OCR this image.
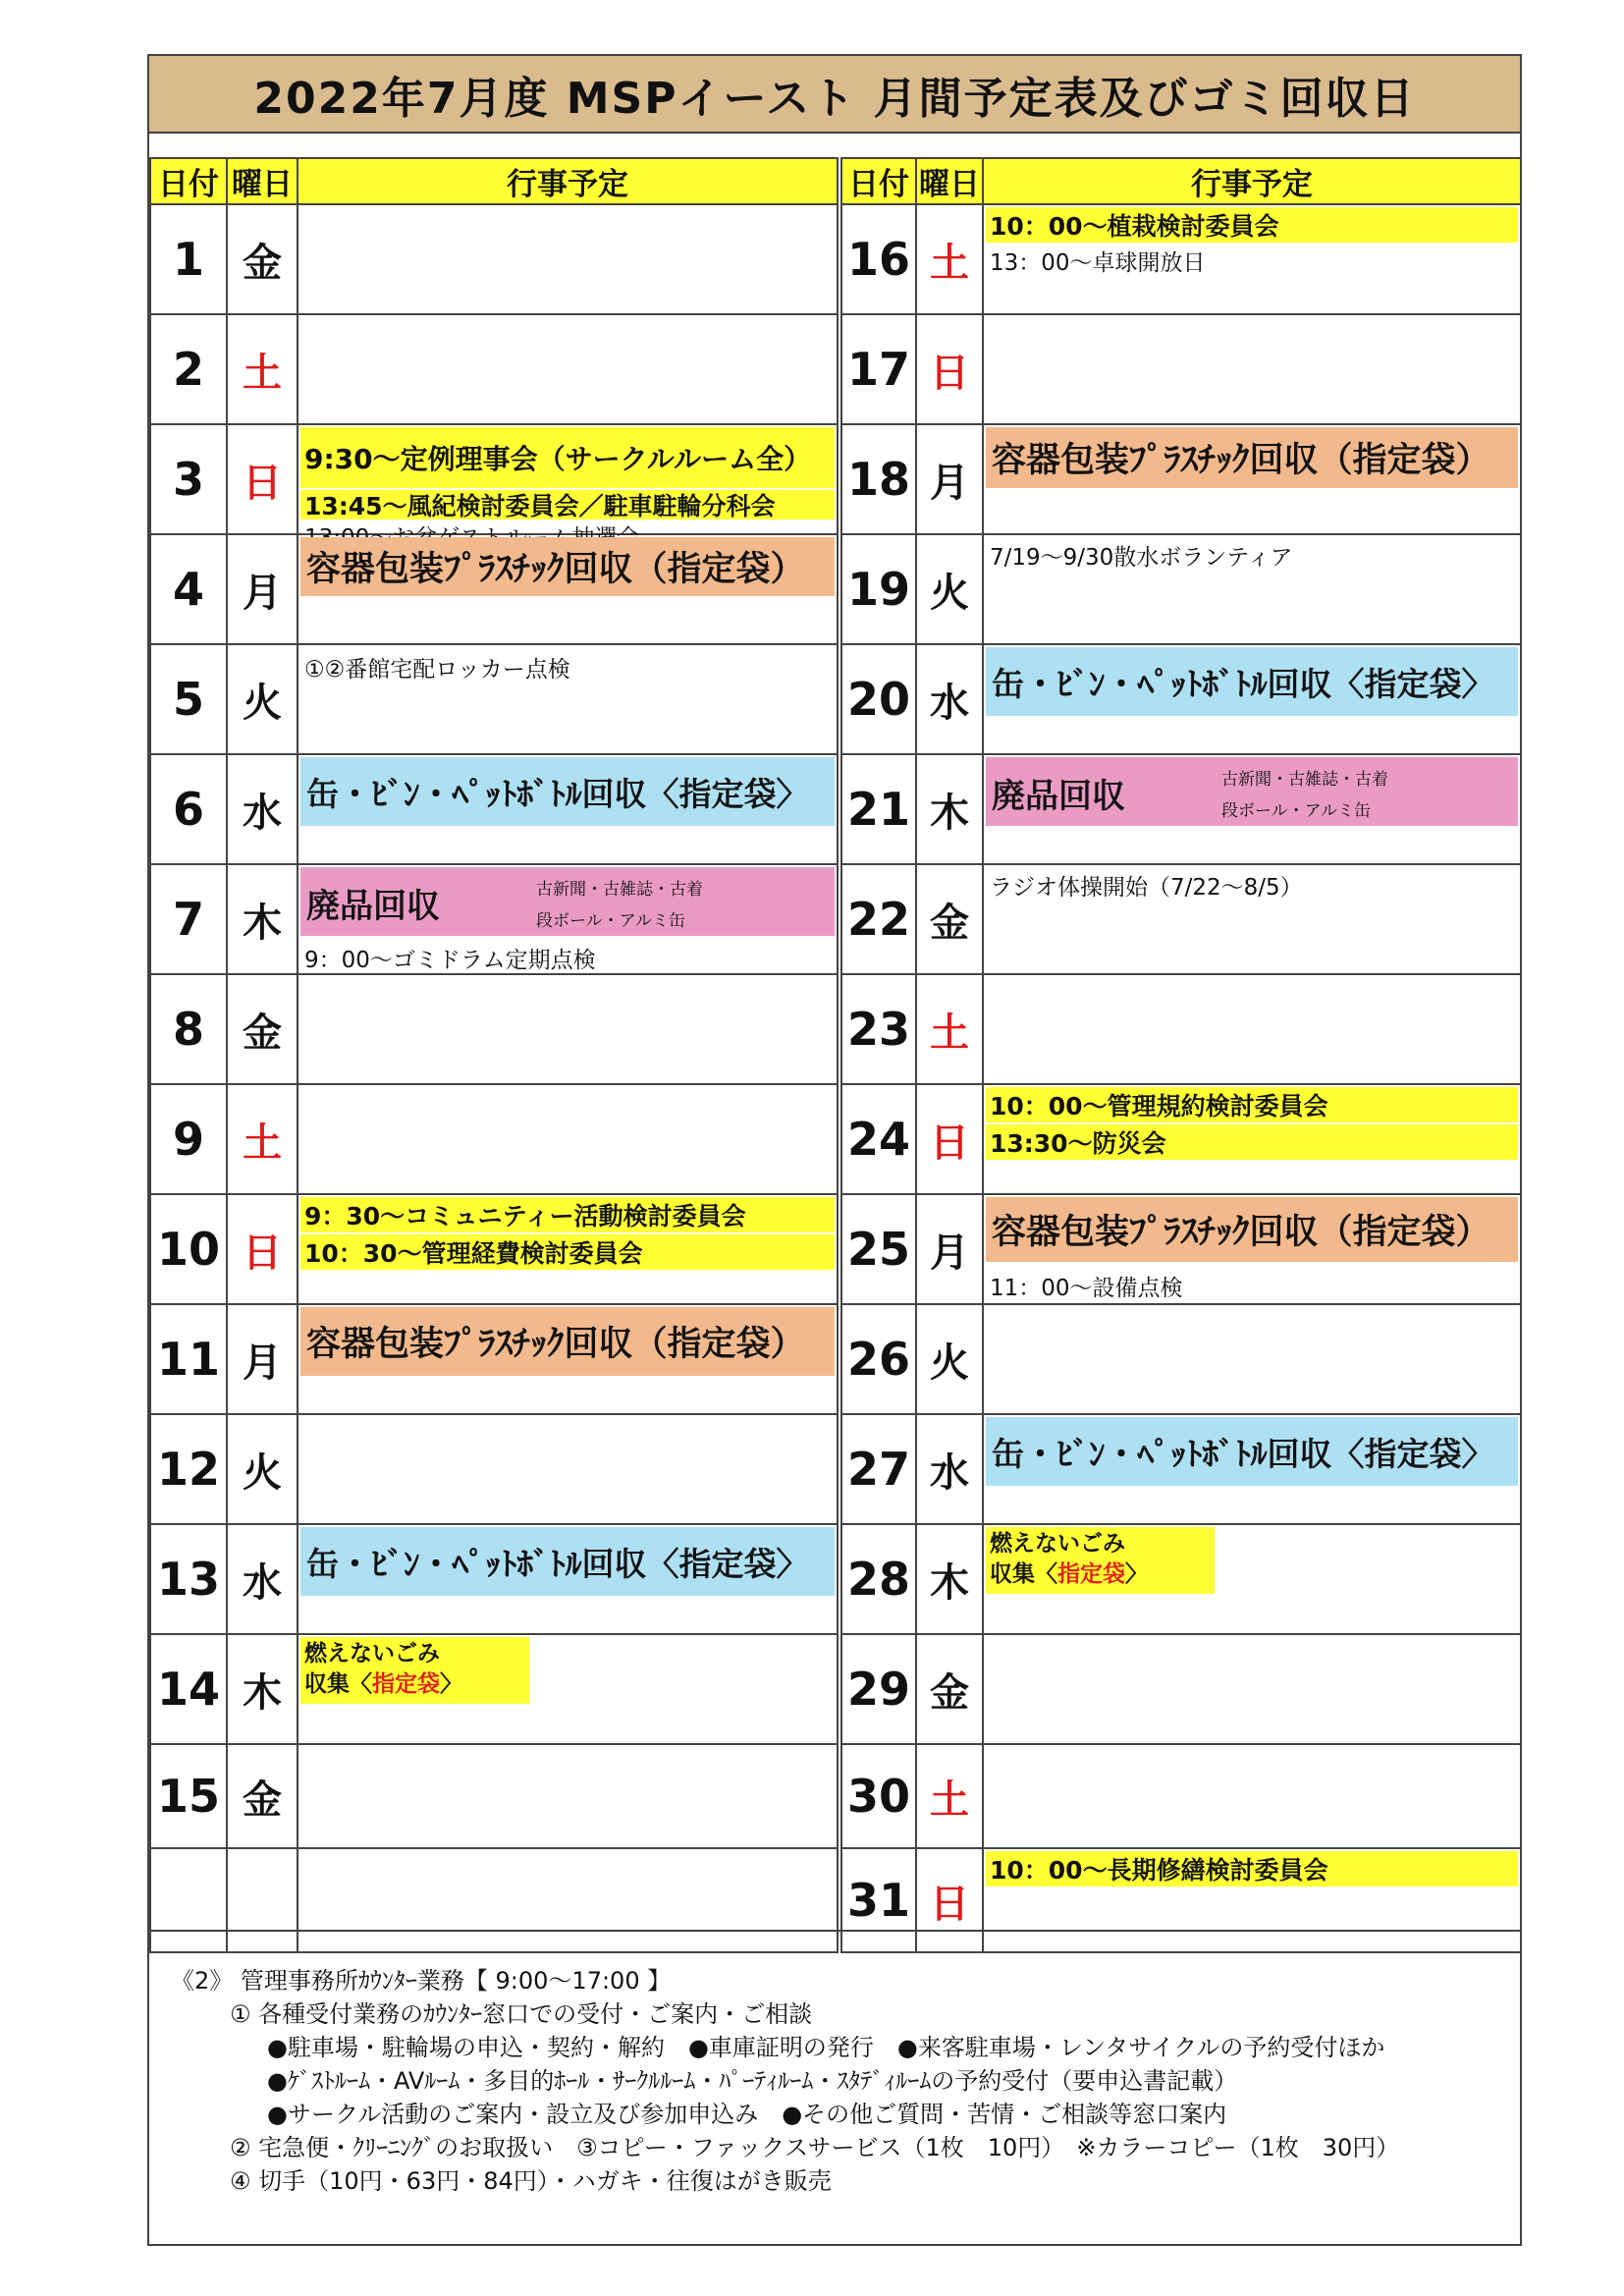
2022年7月度 MSPイースト 月間予定表及びゴミ回収日
日付	曜日	行事予定
1	金	
2	土	
3	日	9:30～定例理事会（サークルルーム全）
13:45～風紀検討委員会／駐車駐輪分科会

4	月	容器包装ﾌﾟﾗｽﾁｯｸ回収（指定袋）

5	火	①②番館宅配ロッカー点検

6	水	缶・ﾋﾞﾝ・ﾍﾟｯﾄﾎﾞﾄﾙ回収〈指定袋〉

7	木	廃品回収 古新聞・古雑誌・古着
段ボール・アルミ缶
9：00～ゴミドラム定期点検

8	金	
9	土	
10	日	9：30～コミュニティー活動検討委員会
10：30～管理経費検討委員会

11	月	容器包装ﾌﾟﾗｽﾁｯｸ回収（指定袋）

12	火	
13	水	缶・ﾋﾞﾝ・ﾍﾟｯﾄﾎﾞﾄﾙ回収〈指定袋〉

14	木	燃えないごみ
収集〈指定袋〉

15	金	

日付	曜日	行事予定
16	土	10：00～植栽検討委員会
13：00～卓球開放日

17	日	
18	月	容器包装ﾌﾟﾗｽﾁｯｸ回収（指定袋）

19	火	7/19～9/30散水ボランティア

20	水	缶・ﾋﾞﾝ・ﾍﾟｯﾄﾎﾞﾄﾙ回収〈指定袋〉

21	木	廃品回収 古新聞・古雑誌・古着
段ボール・アルミ缶

22	金	ラジオ体操開始（7/22～8/5）

23	土	
24	日	10：00～管理規約検討委員会
13:30～防災会

25	月	容器包装ﾌﾟﾗｽﾁｯｸ回収（指定袋）
11：00～設備点検

26	火	
27	水	缶・ﾋﾞﾝ・ﾍﾟｯﾄﾎﾞﾄﾙ回収〈指定袋〉

28	木	燃えないごみ
収集〈指定袋〉

29	金	
30	土	
31	日	10：00～長期修繕検討委員会
《2》 管理事務所ｶｳﾝﾀｰ業務【 9:00～17:00 】
① 各種受付業務のｶｳﾝﾀｰ窓口での受付・ご案内・ご相談
●駐車場・駐輪場の申込・契約・解約　●車庫証明の発行　●来客駐車場・レンタサイクルの予約受付ほか
●ｹﾞｽﾄﾙｰﾑ・AVﾙｰﾑ・多目的ﾎｰﾙ・ｻｰｸﾙﾙｰﾑ・ﾊﾟｰﾃｨﾙｰﾑ・ｽﾀﾃﾞｨﾙｰﾑの予約受付（要申込書記載）
●サークル活動のご案内・設立及び参加申込み　●その他ご質問・苦情・ご相談等窓口案内
② 宅急便・ｸﾘｰﾆﾝｸﾞのお取扱い　③コピー・ファックスサービス（1枚　10円）　※カラーコピー（1枚　30円）
④ 切手（10円・63円・84円）・ハガキ・往復はがき販売
